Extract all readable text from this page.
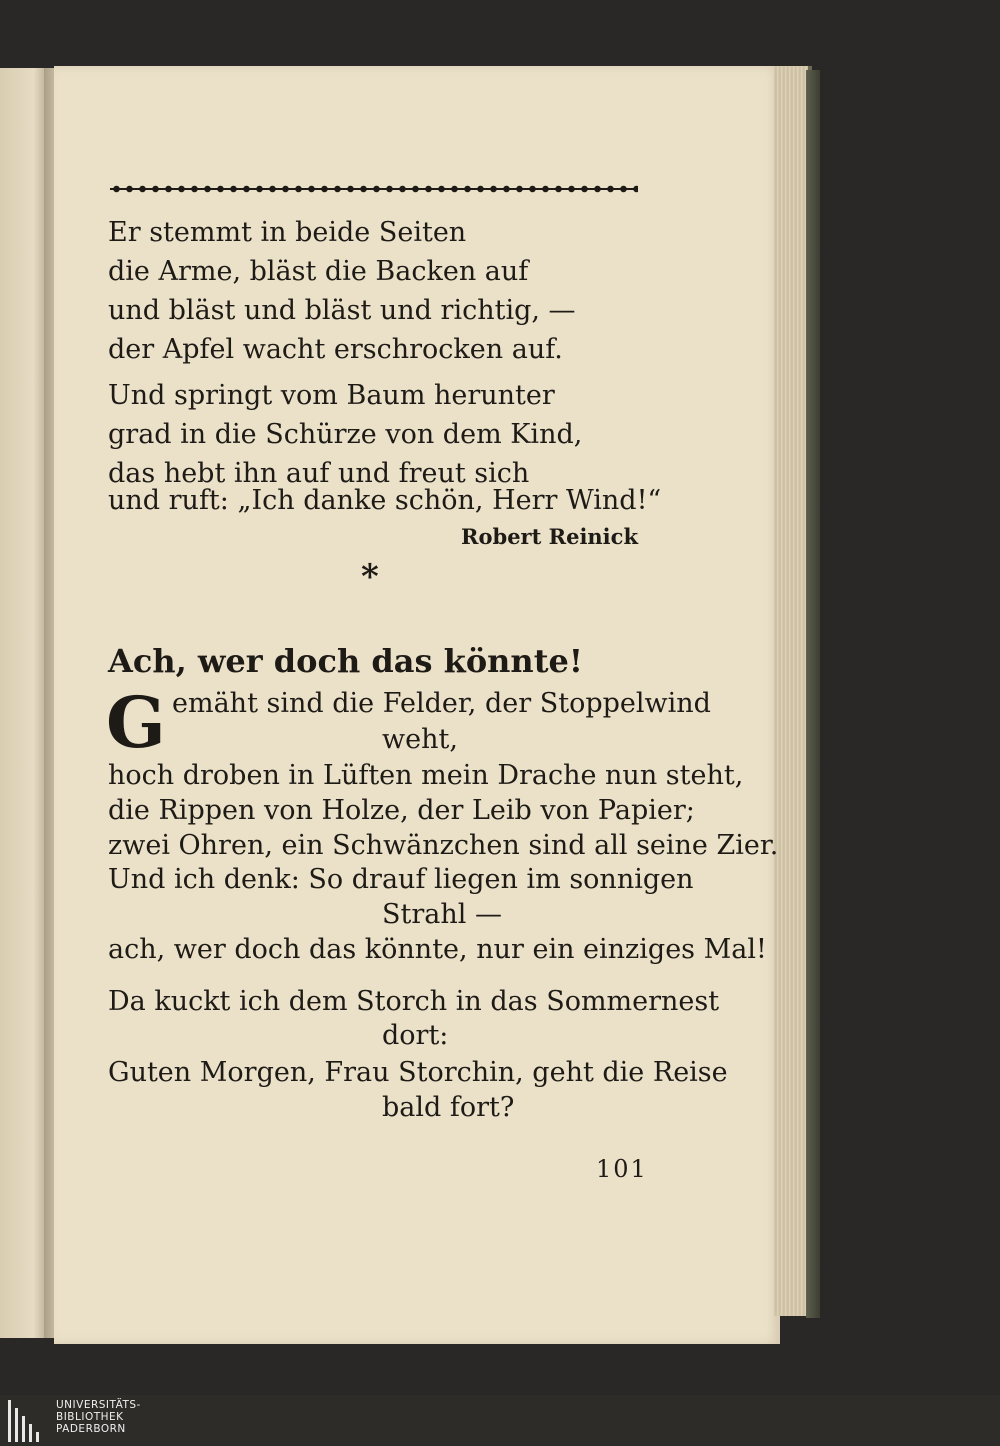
Er stemmt in beide Seiten

die Arme, bläst die Backen auf

und bläst und bläst und richtig, —

der Apfel wacht erschrocken auf.

Und springt vom Baum herunter

grad in die Schürze von dem Kind,

das hebt ihn auf und freut sich

und ruft: „Ich danke schön, Herr Wind!“

Robert Reinick

*

Ach, wer doch das könnte!

G emäht sind die Felder, der Stoppelwind

weht,

hoch droben in Lüften mein Drache nun steht,

die Rippen von Holze, der Leib von Papier;

zwei Ohren, ein Schwänzchen sind all seine Zier.

Und ich denk: So drauf liegen im sonnigen

Strahl —

ach, wer doch das könnte, nur ein einziges Mal!

Da kuckt ich dem Storch in das Sommernest

dort:

Guten Morgen, Frau Storchin, geht die Reise

bald fort?

101

UNIVERSITÄTS-
BIBLIOTHEK
PADERBORN
